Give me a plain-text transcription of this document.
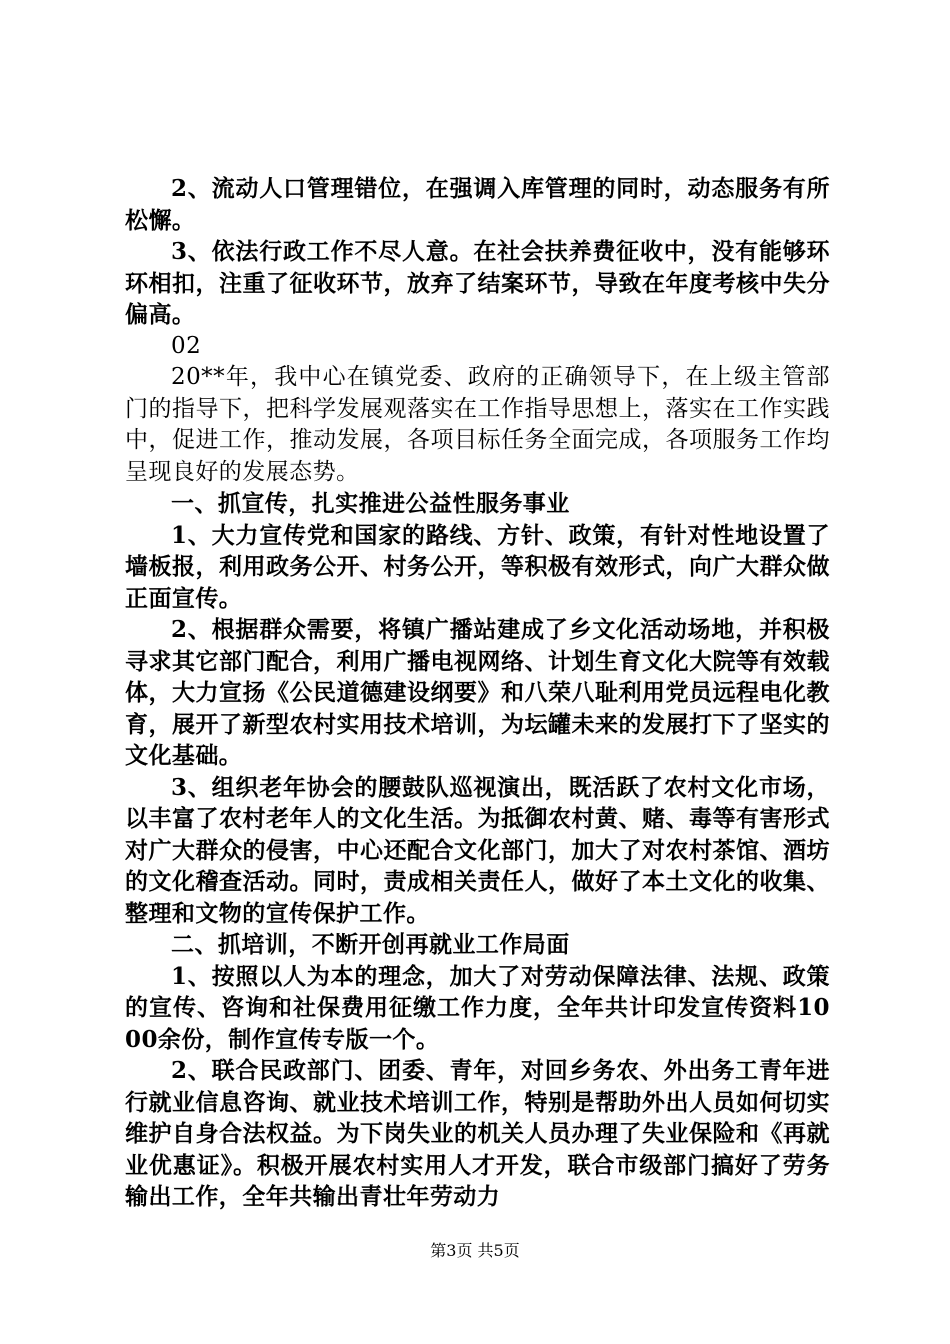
2、流动人口管理错位，在强调入库管理的同时，动态服务有所松懈。

3、依法行政工作不尽人意。在社会扶养费征收中，没有能够环环相扣，注重了征收环节，放弃了结案环节，导致在年度考核中失分偏高。

02

20**年，我中心在镇党委、政府的正确领导下，在上级主管部门的指导下，把科学发展观落实在工作指导思想上，落实在工作实践中，促进工作，推动发展，各项目标任务全面完成，各项服务工作均呈现良好的发展态势。

一、抓宣传，扎实推进公益性服务事业

1、大力宣传党和国家的路线、方针、政策，有针对性地设置了墙板报，利用政务公开、村务公开，等积极有效形式，向广大群众做正面宣传。

2、根据群众需要，将镇广播站建成了乡文化活动场地，并积极寻求其它部门配合，利用广播电视网络、计划生育文化大院等有效载体，大力宣扬《公民道德建设纲要》和八荣八耻利用党员远程电化教育，展开了新型农村实用技术培训，为坛罐未来的发展打下了坚实的文化基础。

3、组织老年协会的腰鼓队巡视演出，既活跃了农村文化市场，以丰富了农村老年人的文化生活。为抵御农村黄、赌、毒等有害形式对广大群众的侵害，中心还配合文化部门，加大了对农村茶馆、酒坊的文化稽查活动。同时，责成相关责任人，做好了本土文化的收集、整理和文物的宣传保护工作。

二、抓培训，不断开创再就业工作局面

1、按照以人为本的理念，加大了对劳动保障法律、法规、政策的宣传、咨询和社保费用征缴工作力度，全年共计印发宣传资料1000余份，制作宣传专版一个。

2、联合民政部门、团委、青年，对回乡务农、外出务工青年进行就业信息咨询、就业技术培训工作，特别是帮助外出人员如何切实维护自身合法权益。为下岗失业的机关人员办理了失业保险和《再就业优惠证》。积极开展农村实用人才开发，联合市级部门搞好了劳务输出工作，全年共输出青壮年劳动力

第3页 共5页
